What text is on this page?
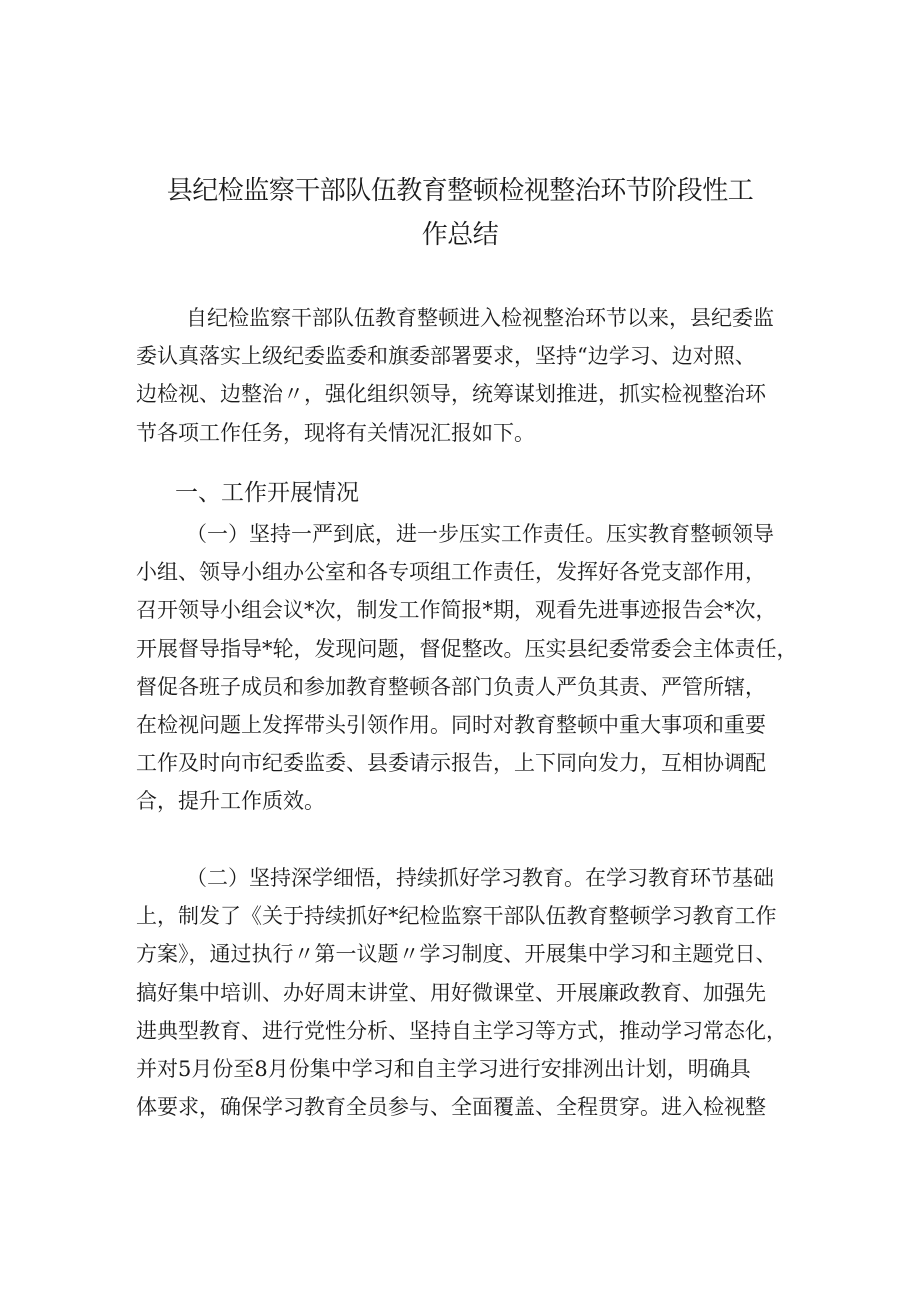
县纪检监察干部队伍教育整顿检视整治环节阶段性工
作总结
自纪检监察干部队伍教育整顿进入检视整治环节以来，县纪委监
委认真落实上级纪委监委和旗委部署要求，坚持“边学习、边对照、
边检视、边整治〃，强化组织领导，统筹谋划推进，抓实检视整治环
节各项工作任务，现将有关情况汇报如下。
一、工作开展情况
（一）坚持一严到底，进一步压实工作责任。压实教育整顿领导
小组、领导小组办公室和各专项组工作责任，发挥好各党支部作用，
召开领导小组会议*次，制发工作简报*期，观看先进事迹报告会*次，
开展督导指导*轮，发现问题，督促整改。压实县纪委常委会主体责任，
督促各班子成员和参加教育整顿各部门负责人严负其责、严管所辖，
在检视问题上发挥带头引领作用。同时对教育整顿中重大事项和重要
工作及时向市纪委监委、县委请示报告，上下同向发力，互相协调配
合，提升工作质效。
（二）坚持深学细悟，持续抓好学习教育。在学习教育环节基础
上，制发了《关于持续抓好*纪检监察干部队伍教育整顿学习教育工作
方案》，通过执行〃第一议题〃学习制度、开展集中学习和主题党日、
搞好集中培训、办好周末讲堂、用好微课堂、开展廉政教育、加强先
进典型教育、进行党性分析、坚持自主学习等方式，推动学习常态化，
并对5月份至8月份集中学习和自主学习进行安排洌出计划，明确具
体要求，确保学习教育全员参与、全面覆盖、全程贯穿。进入检视整
